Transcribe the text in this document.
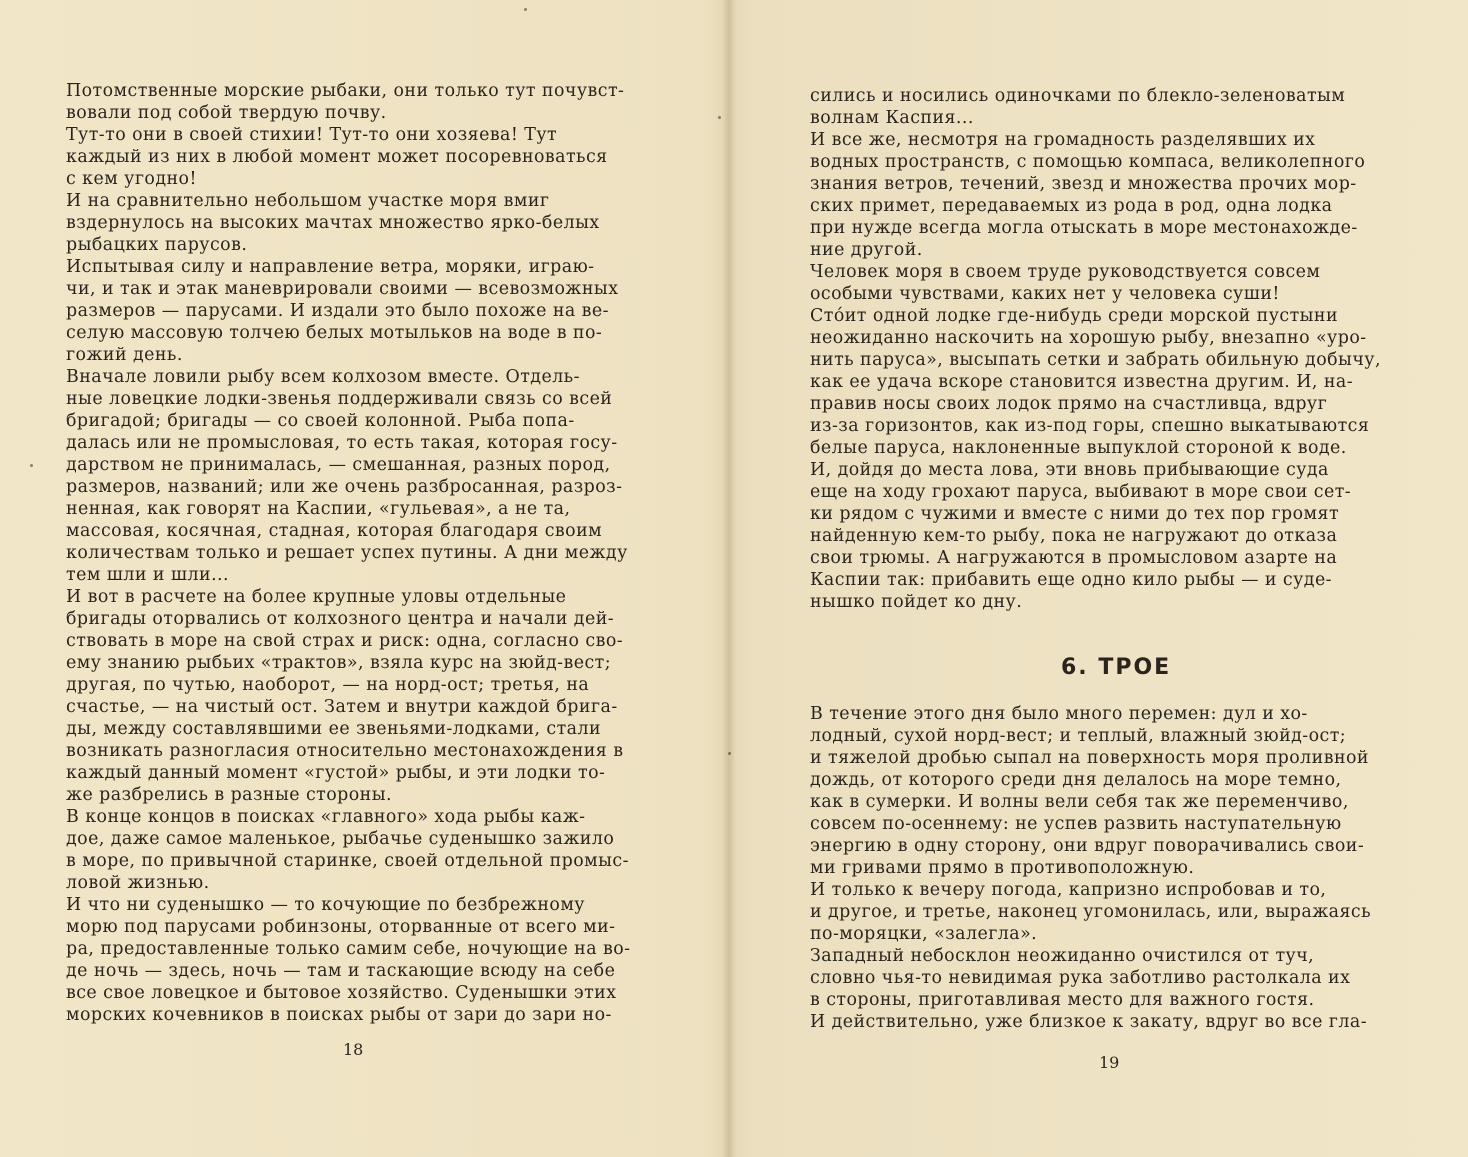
Потомственные морские рыбаки, они только тут почувст-
вовали под собой твердую почву.
Тут-то они в своей стихии! Тут-то они хозяева! Тут
каждый из них в любой момент может посоревноваться
с кем угодно!
И на сравнительно небольшом участке моря вмиг
вздернулось на высоких мачтах множество ярко-белых
рыбацких парусов.
Испытывая силу и направление ветра, моряки, играю-
чи, и так и этак маневрировали своими — всевозможных
размеров — парусами. И издали это было похоже на ве-
селую массовую толчею белых мотыльков на воде в по-
гожий день.
Вначале ловили рыбу всем колхозом вместе. Отдель-
ные ловецкие лодки-звенья поддерживали связь со всей
бригадой; бригады — со своей колонной. Рыба попа-
далась или не промысловая, то есть такая, которая госу-
дарством не принималась, — смешанная, разных пород,
размеров, названий; или же очень разбросанная, разроз-
ненная, как говорят на Каспии, «гульевая», а не та,
массовая, косячная, стадная, которая благодаря своим
количествам только и решает успех путины. А дни между
тем шли и шли...
И вот в расчете на более крупные уловы отдельные
бригады оторвались от колхозного центра и начали дей-
ствовать в море на свой страх и риск: одна, согласно сво-
ему знанию рыбьих «трактов», взяла курс на зюйд-вест;
другая, по чутью, наоборот, — на норд-ост; третья, на
счастье, — на чистый ост. Затем и внутри каждой брига-
ды, между составлявшими ее звеньями-лодками, стали
возникать разногласия относительно местонахождения в
каждый данный момент «густой» рыбы, и эти лодки то-
же разбрелись в разные стороны.
В конце концов в поисках «главного» хода рыбы каж-
дое, даже самое маленькое, рыбачье суденышко зажило
в море, по привычной старинке, своей отдельной промыс-
ловой жизнью.
И что ни суденышко — то кочующие по безбрежному
морю под парусами робинзоны, оторванные от всего ми-
ра, предоставленные только самим себе, ночующие на во-
де ночь — здесь, ночь — там и таскающие всюду на себе
все свое ловецкое и бытовое хозяйство. Суденышки этих
морских кочевников в поисках рыбы от зари до зари но-
18
сились и носились одиночками по блекло-зеленоватым
волнам Каспия...
И все же, несмотря на громадность разделявших их
водных пространств, с помощью компаса, великолепного
знания ветров, течений, звезд и множества прочих мор-
ских примет, передаваемых из рода в род, одна лодка
при нужде всегда могла отыскать в море местонахожде-
ние другой.
Человек моря в своем труде руководствуется совсем
особыми чувствами, каких нет у человека суши!
Сто́ит одной лодке где-нибудь среди морской пустыни
неожиданно наскочить на хорошую рыбу, внезапно «уро-
нить паруса», высыпать сетки и забрать обильную добычу,
как ее удача вскоре становится известна другим. И, на-
правив носы своих лодок прямо на счастливца, вдруг
из-за горизонтов, как из-под горы, спешно выкатываются
белые паруса, наклоненные выпуклой стороной к воде.
И, дойдя до места лова, эти вновь прибывающие суда
еще на ходу грохают паруса, выбивают в море свои сет-
ки рядом с чужими и вместе с ними до тех пор громят
найденную кем-то рыбу, пока не нагружают до отказа
свои трюмы. А нагружаются в промысловом азарте на
Каспии так: прибавить еще одно кило рыбы — и суде-
нышко пойдет ко дну.
В течение этого дня было много перемен: дул и хо-
лодный, сухой норд-вест; и теплый, влажный зюйд-ост;
и тяжелой дробью сыпал на поверхность моря проливной
дождь, от которого среди дня делалось на море темно,
как в сумерки. И волны вели себя так же переменчиво,
совсем по-осеннему: не успев развить наступательную
энергию в одну сторону, они вдруг поворачивались свои-
ми гривами прямо в противоположную.
И только к вечеру погода, капризно испробовав и то,
и другое, и третье, наконец угомонилась, или, выражаясь
по-моряцки, «залегла».
Западный небосклон неожиданно очистился от туч,
словно чья-то невидимая рука заботливо растолкала их
в стороны, приготавливая место для важного гостя.
И действительно, уже близкое к закату, вдруг во все гла-
6. ТРОЕ
19
